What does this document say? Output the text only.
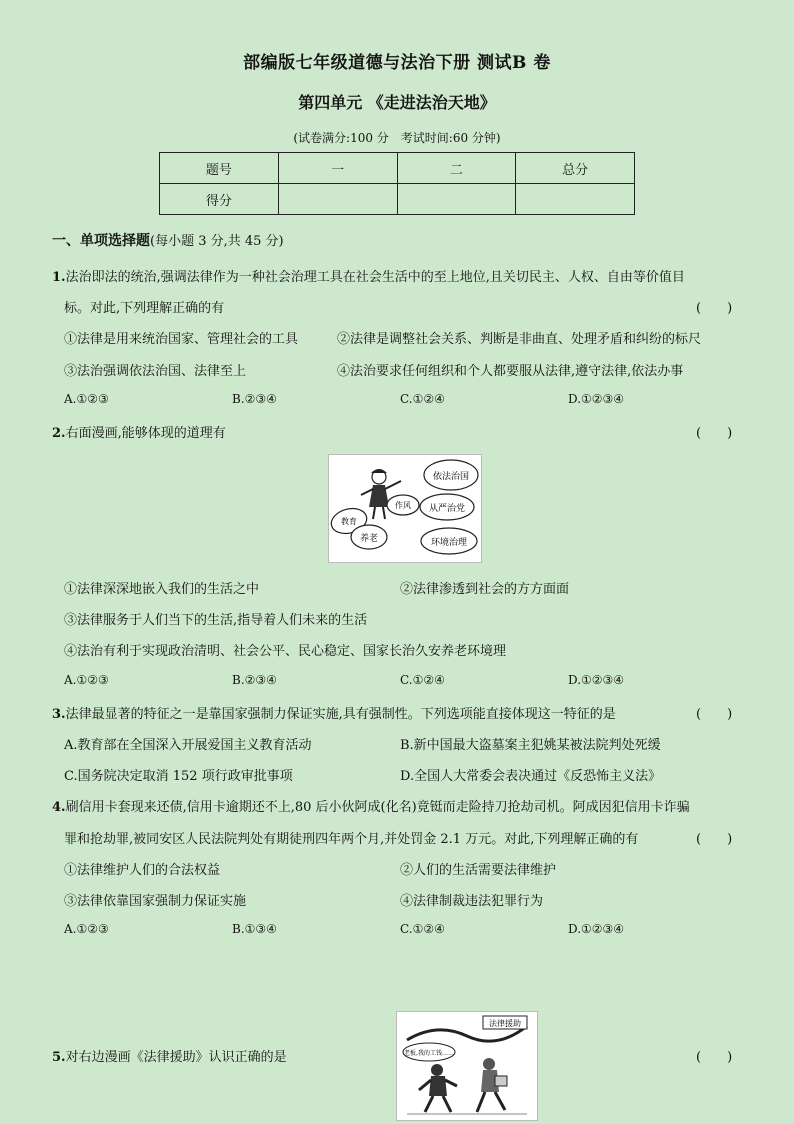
部编版七年级道德与法治下册 测试B 卷
第四单元 《走进法治天地》
(试卷满分:100 分　考试时间:60 分钟)
题号	一	二	总分
得分			
一、单项选择题(每小题 3 分,共 45 分)
1.法治即法的统治,强调法律作为一种社会治理工具在社会生活中的至上地位,且关切民主、人权、自由等价值目
标。对此,下列理解正确的有	(　　)
①法律是用来统治国家、管理社会的工具	②法律是调整社会关系、判断是非曲直、处理矛盾和纠纷的标尺
③法治强调依法治国、法律至上	④法治要求任何组织和个人都要服从法律,遵守法律,依法办事
A.①②③	B.②③④	C.①②④	D.①②③④
2.右面漫画,能够体现的道理有	(　　)
依法治国
从严治党
作风
教育
养老	环境治理
①法律深深地嵌入我们的生活之中	②法律渗透到社会的方方面面
③法律服务于人们当下的生活,指导着人们未来的生活
④法治有利于实现政治清明、社会公平、民心稳定、国家长治久安养老环境理
A.①②③	B.②③④	C.①②④	D.①②③④
3.法律最显著的特征之一是靠国家强制力保证实施,具有强制性。下列选项能直接体现这一特征的是	(　　)
A.教育部在全国深入开展爱国主义教育活动	B.新中国最大盗墓案主犯姚某被法院判处死缓
C.国务院决定取消 152 项行政审批事项	D.全国人大常委会表决通过《反恐怖主义法》
4.刷信用卡套现来还债,信用卡逾期还不上,80 后小伙阿成(化名)竟铤而走险持刀抢劫司机。阿成因犯信用卡诈骗
罪和抢劫罪,被同安区人民法院判处有期徒刑四年两个月,并处罚金 2.1 万元。对此,下列理解正确的有	(　　)
①法律维护人们的合法权益	②人们的生活需要法律维护
③法律依靠国家强制力保证实施	④法律制裁违法犯罪行为
A.①②③	B.①③④	C.①②④	D.①②③④
法律援助
老板,我的工钱……
5.对右边漫画《法律援助》认识正确的是	(　　)
